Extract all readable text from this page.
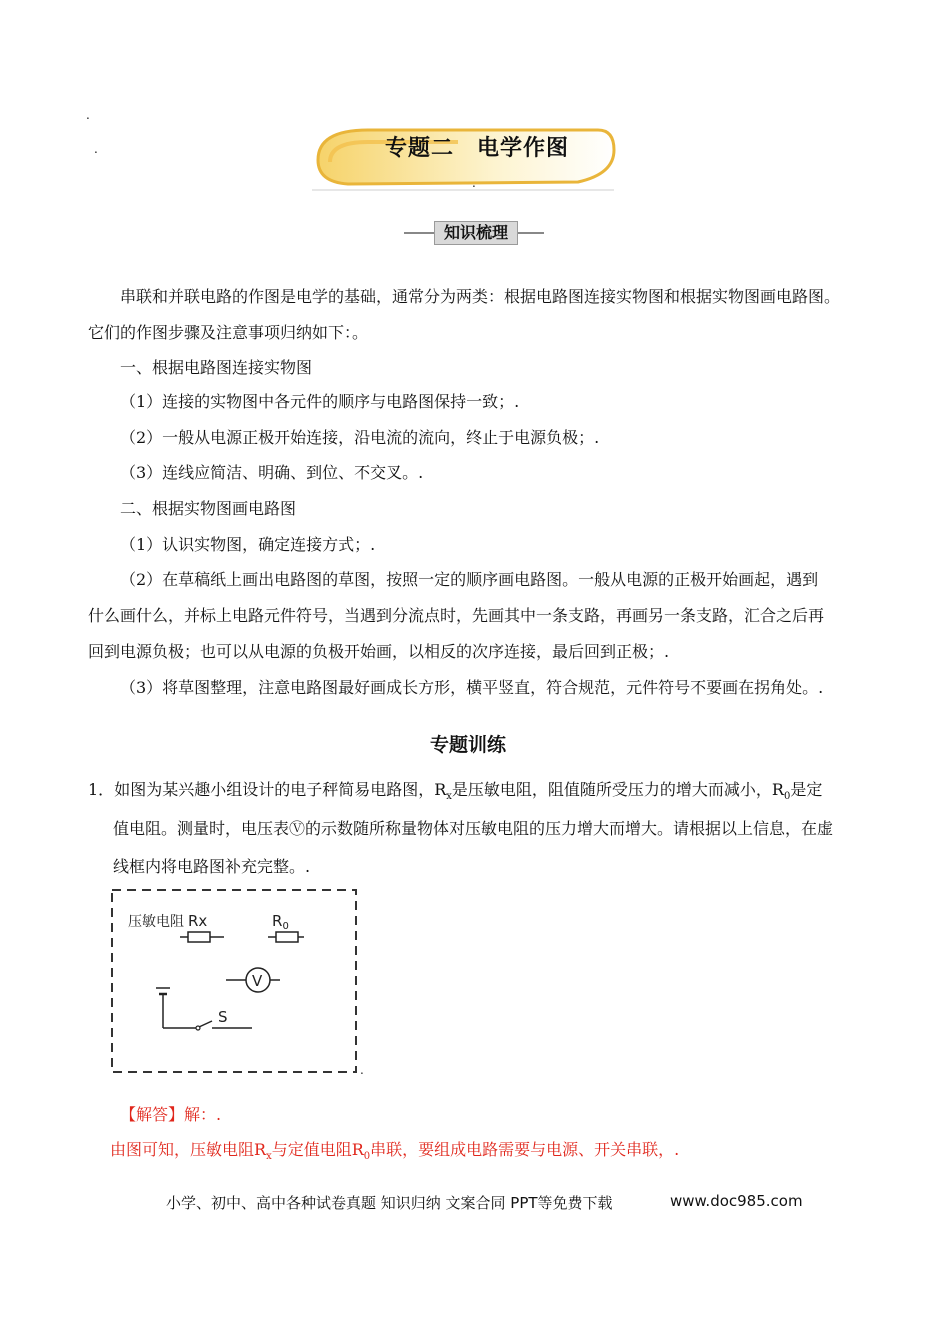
专题二　电学作图
.
.
.
知识梳理
串联和并联电路的作图是电学的基础，通常分为两类：根据电路图连接实物图和根据实物图画电路图。
它们的作图步骤及注意事项归纳如下：。
一、根据电路图连接实物图
（1）连接的实物图中各元件的顺序与电路图保持一致；.
（2）一般从电源正极开始连接，沿电流的流向，终止于电源负极；.
（3）连线应简洁、明确、到位、不交叉。.
二、根据实物图画电路图
（1）认识实物图，确定连接方式；.
（2）在草稿纸上画出电路图的草图，按照一定的顺序画电路图。一般从电源的正极开始画起，遇到
什么画什么，并标上电路元件符号，当遇到分流点时，先画其中一条支路，再画另一条支路，汇合之后再
回到电源负极；也可以从电源的负极开始画，以相反的次序连接，最后回到正极；.
（3）将草图整理，注意电路图最好画成长方形，横平竖直，符合规范，元件符号不要画在拐角处。.
专题训练
1．如图为某兴趣小组设计的电子秤简易电路图，$R_x$是压敏电阻，阻值随所受压力的增大而减小，$R_0$是定
值电阻。测量时，电压表Ⓥ的示数随所称量物体对压敏电阻的压力增大而增大。请根据以上信息，在虚
线框内将电路图补充完整。.
压敏电阻 Rx	$R_0$
V
S
.
【解答】解：.
由图可知，压敏电阻$R_x$与定值电阻$R_0$串联，要组成电路需要与电源、开关串联，.
小学、初中、高中各种试卷真题 知识归纳 文案合同 PPT等免费下载	www.doc985.com
